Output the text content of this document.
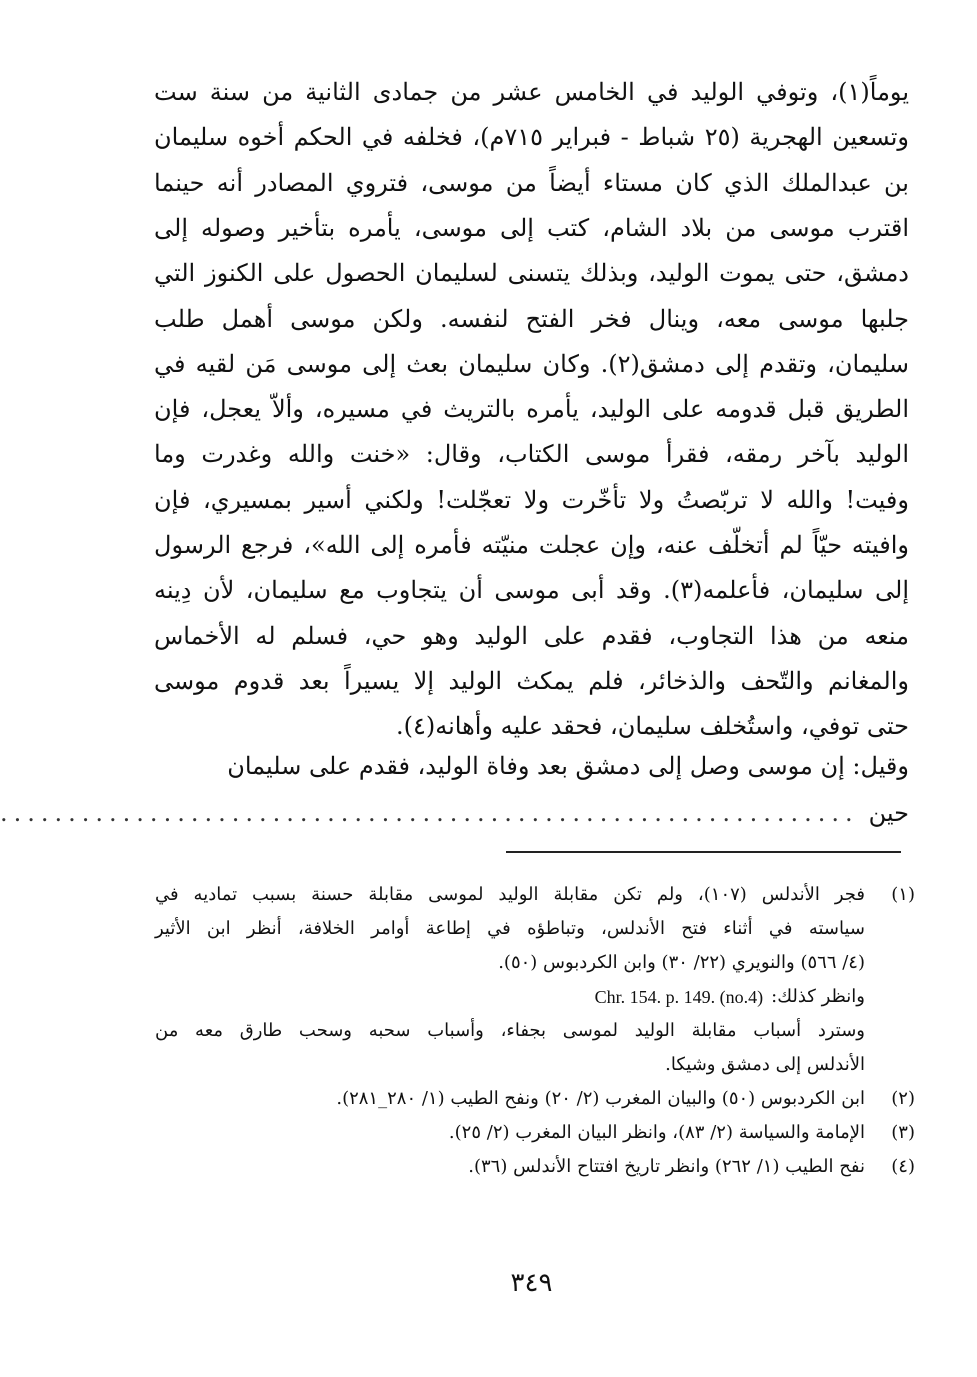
يوماً(١)، وتوفي الوليد في الخامس عشر من جمادى الثانية من سنة ست
وتسعين الهجرية (٢٥ شباط - فبراير ٧١٥م)، فخلفه في الحكم أخوه سليمان
بن عبدالملك الذي كان مستاء أيضاً من موسى، فتروي المصادر أنه حينما
اقترب موسى من بلاد الشام، كتب إلى موسى، يأمره بتأخير وصوله إلى
دمشق، حتى يموت الوليد، وبذلك يتسنى لسليمان الحصول على الكنوز التي
جلبها موسى معه، وينال فخر الفتح لنفسه. ولكن موسى أهمل طلب
سليمان، وتقدم إلى دمشق(٢). وكان سليمان بعث إلى موسى مَن لقيه في
الطريق قبل قدومه على الوليد، يأمره بالتريث في مسيره، وألاّ يعجل، فإن
الوليد بآخر رمقه، فقرأ موسى الكتاب، وقال: «خنت والله وغدرت وما
وفيت! والله لا تربّصتُ ولا تأخّرت ولا تعجّلت! ولكني أسير بمسيري، فإن
وافيته حيّاً لم أتخلّف عنه، وإن عجلت منيّته فأمره إلى الله»، فرجع الرسول
إلى سليمان، فأعلمه(٣). وقد أبى موسى أن يتجاوب مع سليمان، لأن دِينه
منعه من هذا التجاوب، فقدم على الوليد وهو حي، فسلم له الأخماس
والمغانم والتّحف والذخائر، فلم يمكث الوليد إلا يسيراً بعد قدوم موسى
حتى توفي، واستُخلف سليمان، فحقد عليه وأهانه(٤).
وقيل: إن موسى وصل إلى دمشق بعد وفاة الوليد، فقدم على سليمان
حين
...............................................................
(١)
فجر الأندلس (١٠٧)، ولم تكن مقابلة الوليد لموسى مقابلة حسنة بسبب تماديه في
سياسته في أثناء فتح الأندلس، وتباطؤه في إطاعة أوامر الخلافة، أنظر ابن الأثير
(٤/ ٥٦٦) والنويري (٢٢/ ٣٠) وابن الكردبوس (٥٠).
وانظر كذلك:
Chr. 154. p. 149. (no.4)
وسترد أسباب مقابلة الوليد لموسى بجفاء، وأسباب سحبه وسحب طارق معه من
الأندلس إلى دمشق وشيكا.
(٢)
ابن الكردبوس (٥٠) والبيان المغرب (٢/ ٢٠) ونفح الطيب (١/ ٢٨٠_٢٨١).
(٣)
الإمامة والسياسة (٢/ ٨٣)، وانظر البيان المغرب (٢/ ٢٥).
(٤)
نفح الطيب (١/ ٢٦٢) وانظر تاريخ افتتاح الأندلس (٣٦).
٣٤٩
